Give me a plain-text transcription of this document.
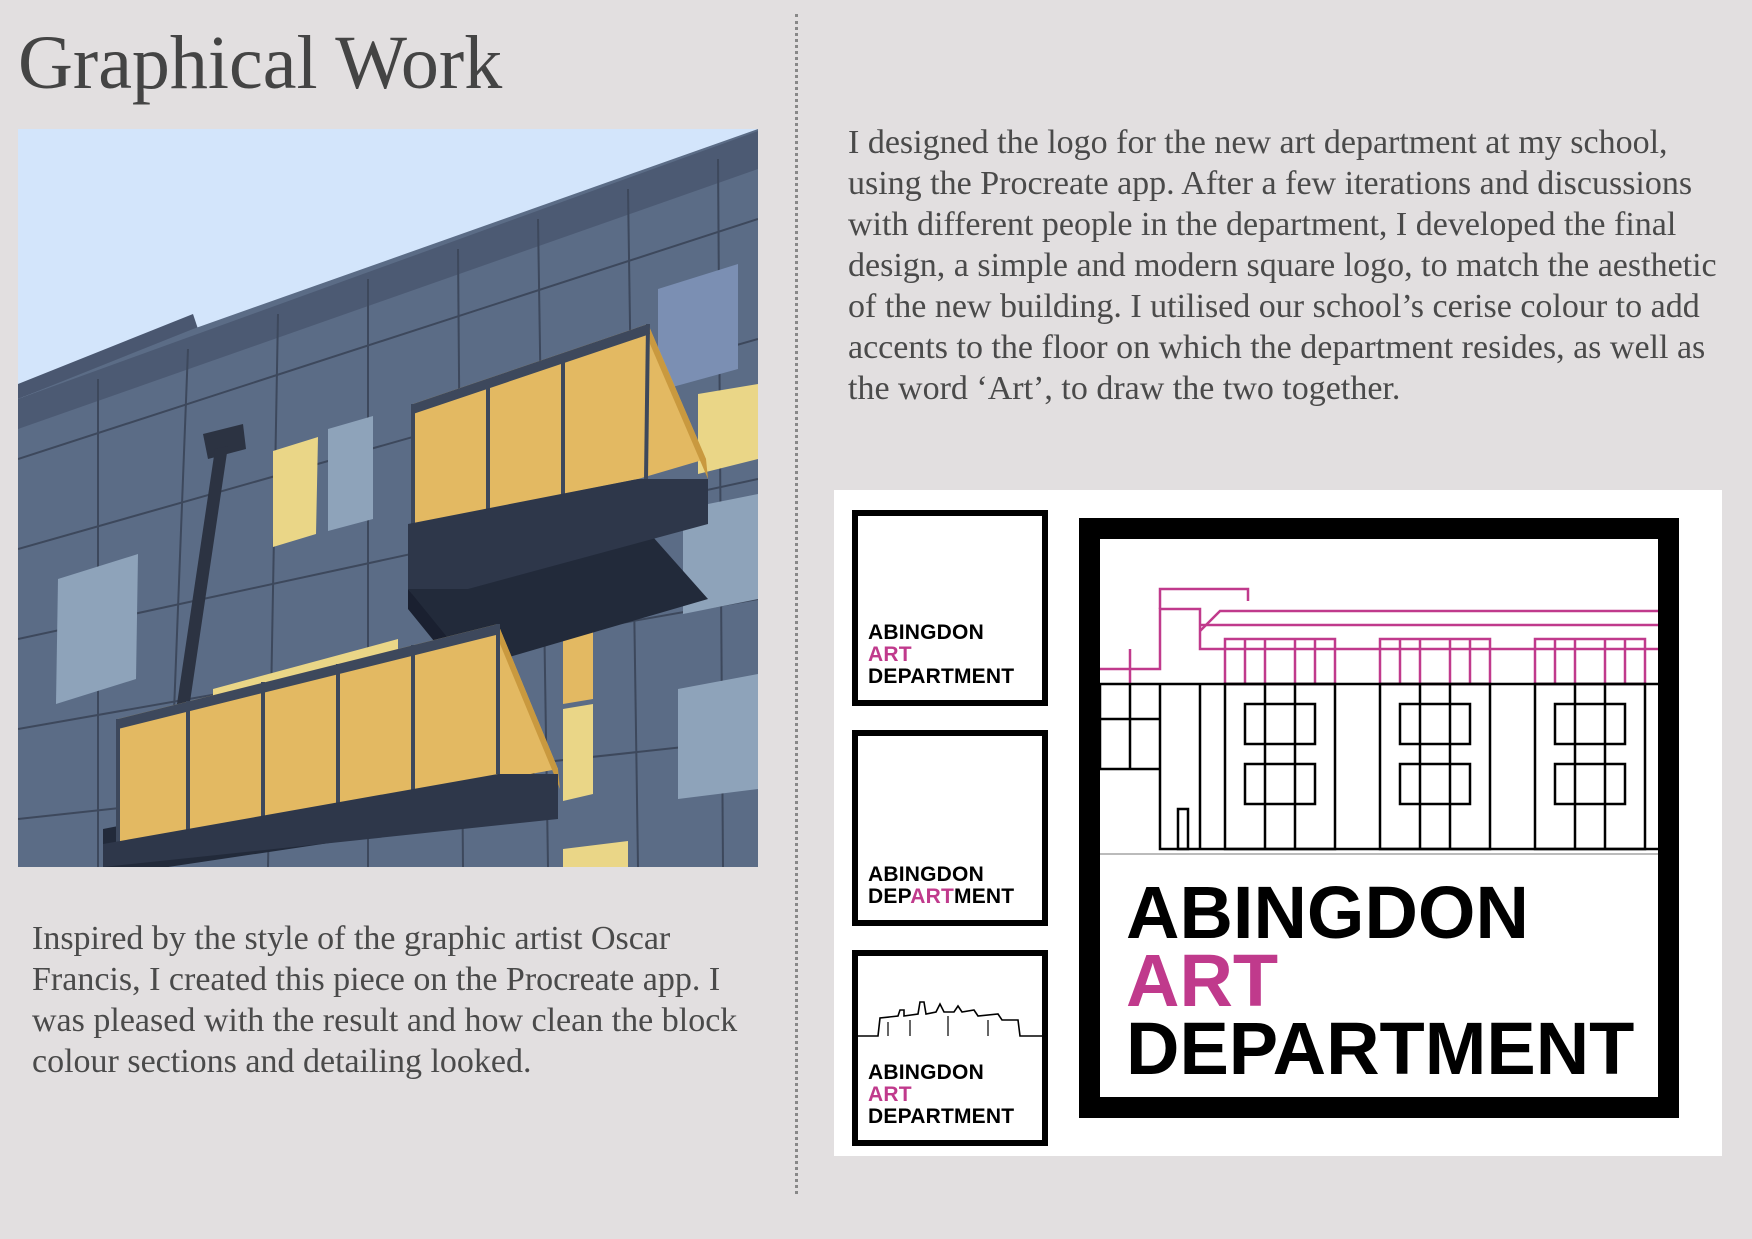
Graphical Work
Inspired by the style of the graphic artist Oscar Francis, I created this piece on the Procreate app. I was pleased with the result and how clean the block colour sections and detailing looked.
I designed the logo for the new art department at my school, using the Procreate app. After a few iterations and discussions with different people in the department, I developed the final design, a simple and modern square logo, to match the aesthetic of the new building. I utilised our school’s cerise colour to add accents to the floor on which the department resides, as well as the word ‘Art’, to draw the two together.
ABINGDON
ART
DEPARTMENT
ABINGDON
DEPARTMENT
ABINGDON
ART
DEPARTMENT
ABINGDON
ART
DEPARTMENT
